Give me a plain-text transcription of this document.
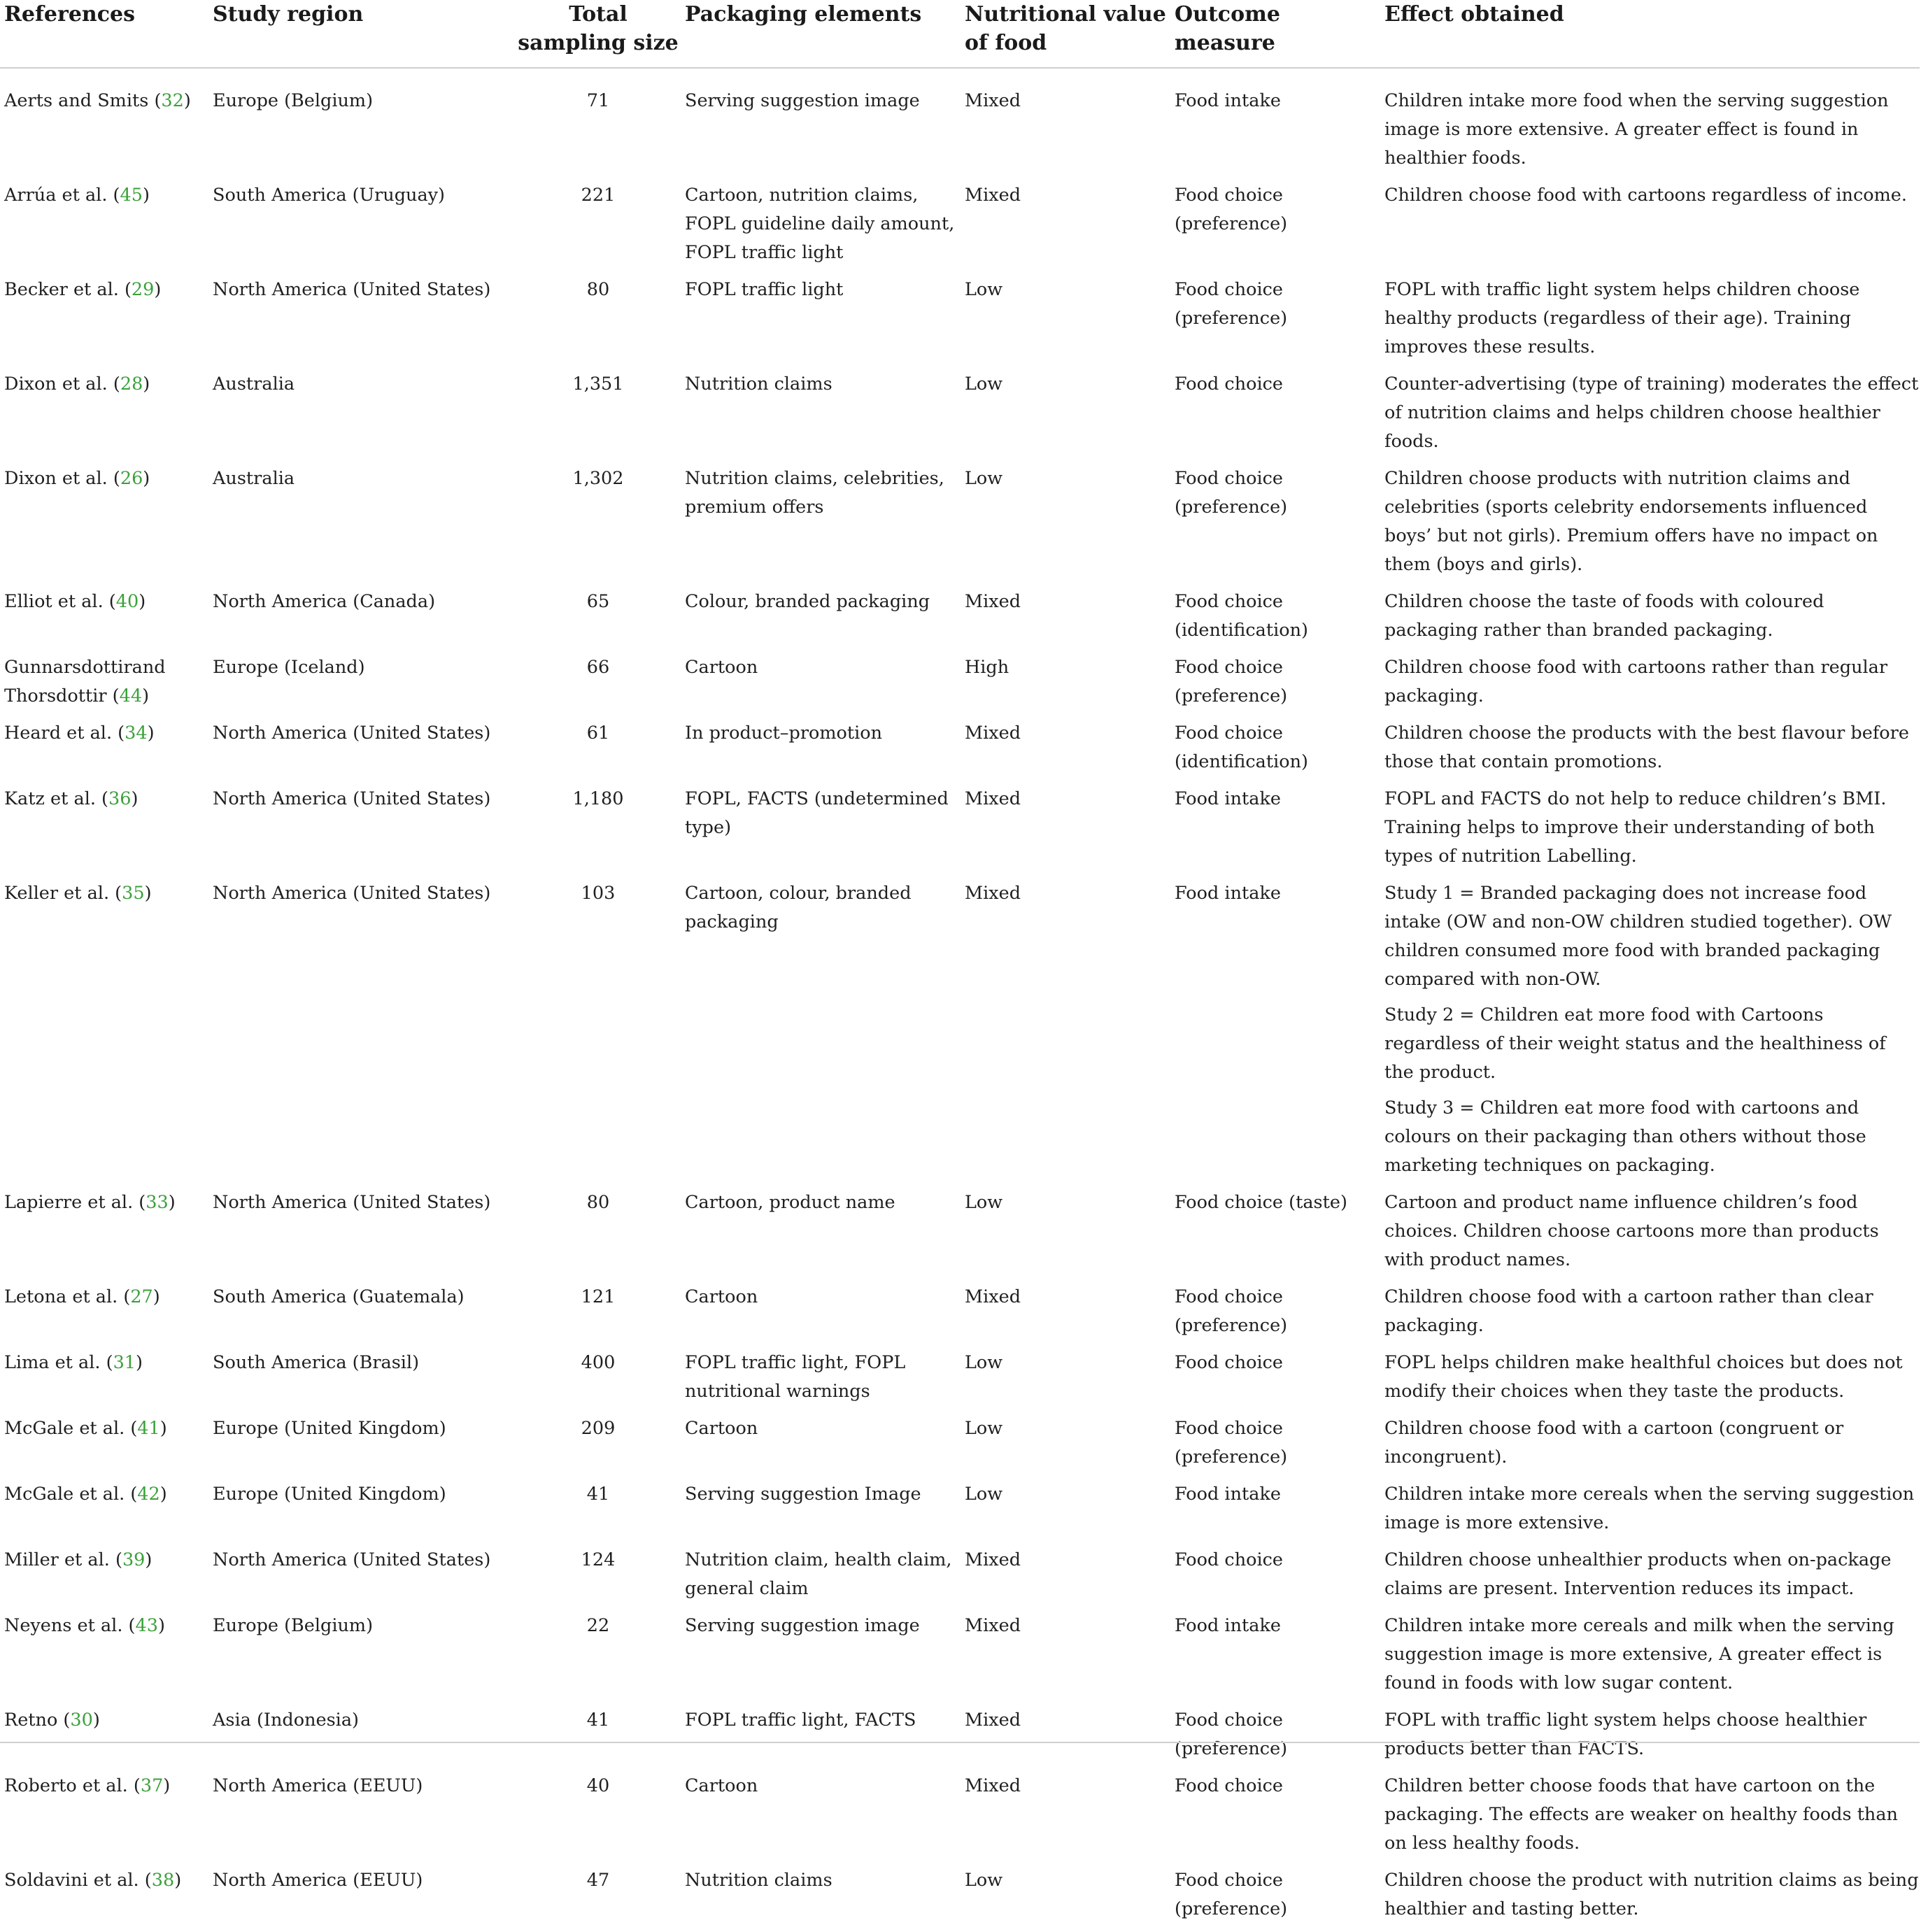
References	Study region	Total sampling size	Packaging elements	Nutritional value of food	Outcome measure	Effect obtained
Aerts and Smits (32)	Europe (Belgium)	71	Serving suggestion image	Mixed	Food intake	Children intake more food when the serving suggestion image is more extensive. A greater effect is found in healthier foods.

Arrúa et al. (45)	South America (Uruguay)	221	Cartoon, nutrition claims, FOPL guideline daily amount, FOPL traffic light	Mixed	Food choice (preference)	Children choose food with cartoons regardless of income.

Becker et al. (29)	North America (United States)	80	FOPL traffic light	Low	Food choice (preference)	FOPL with traffic light system helps children choose healthy products (regardless of their age). Training improves these results.

Dixon et al. (28)	Australia	1,351	Nutrition claims	Low	Food choice	Counter-advertising (type of training) moderates the effect of nutrition claims and helps children choose healthier foods.

Dixon et al. (26)	Australia	1,302	Nutrition claims, celebrities, premium offers	Low	Food choice (preference)	Children choose products with nutrition claims and celebrities (sports celebrity endorsements influenced boys’ but not girls). Premium offers have no impact on them (boys and girls).

Elliot et al. (40)	North America (Canada)	65	Colour, branded packaging	Mixed	Food choice (identification)	Children choose the taste of foods with coloured packaging rather than branded packaging.

Gunnarsdottirand Thorsdottir (44)	Europe (Iceland)	66	Cartoon	High	Food choice (preference)	Children choose food with cartoons rather than regular packaging.

Heard et al. (34)	North America (United States)	61	In product–promotion	Mixed	Food choice (identification)	Children choose the products with the best flavour before those that contain promotions.

Katz et al. (36)	North America (United States)	1,180	FOPL, FACTS (undetermined type)	Mixed	Food intake	FOPL and FACTS do not help to reduce children’s BMI. Training helps to improve their understanding of both types of nutrition Labelling.

Keller et al. (35)	North America (United States)	103	Cartoon, colour, branded packaging	Mixed	Food intake	Study 1 = Branded packaging does not increase food intake (OW and non-OW children studied together). OW children consumed more food with branded packaging compared with non-OW.
Study 2 = Children eat more food with Cartoons regardless of their weight status and the healthiness of the product.
Study 3 = Children eat more food with cartoons and colours on their packaging than others without those marketing techniques on packaging.

Lapierre et al. (33)	North America (United States)	80	Cartoon, product name	Low	Food choice (taste)	Cartoon and product name influence children’s food choices. Children choose cartoons more than products with product names.

Letona et al. (27)	South America (Guatemala)	121	Cartoon	Mixed	Food choice (preference)	Children choose food with a cartoon rather than clear packaging.

Lima et al. (31)	South America (Brasil)	400	FOPL traffic light, FOPL nutritional warnings	Low	Food choice	FOPL helps children make healthful choices but does not modify their choices when they taste the products.

McGale et al. (41)	Europe (United Kingdom)	209	Cartoon	Low	Food choice (preference)	Children choose food with a cartoon (congruent or incongruent).

McGale et al. (42)	Europe (United Kingdom)	41	Serving suggestion Image	Low	Food intake	Children intake more cereals when the serving suggestion image is more extensive.

Miller et al. (39)	North America (United States)	124	Nutrition claim, health claim, general claim	Mixed	Food choice	Children choose unhealthier products when on-package claims are present. Intervention reduces its impact.

Neyens et al. (43)	Europe (Belgium)	22	Serving suggestion image	Mixed	Food intake	Children intake more cereals and milk when the serving suggestion image is more extensive, A greater effect is found in foods with low sugar content.

Retno (30)	Asia (Indonesia)	41	FOPL traffic light, FACTS	Mixed	Food choice (preference)	FOPL with traffic light system helps choose healthier products better than FACTS.

Roberto et al. (37)	North America (EEUU)	40	Cartoon	Mixed	Food choice	Children better choose foods that have cartoon on the packaging. The effects are weaker on healthy foods than on less healthy foods.

Soldavini et al. (38)	North America (EEUU)	47	Nutrition claims	Low	Food choice (preference)	Children choose the product with nutrition claims as being healthier and tasting better.
